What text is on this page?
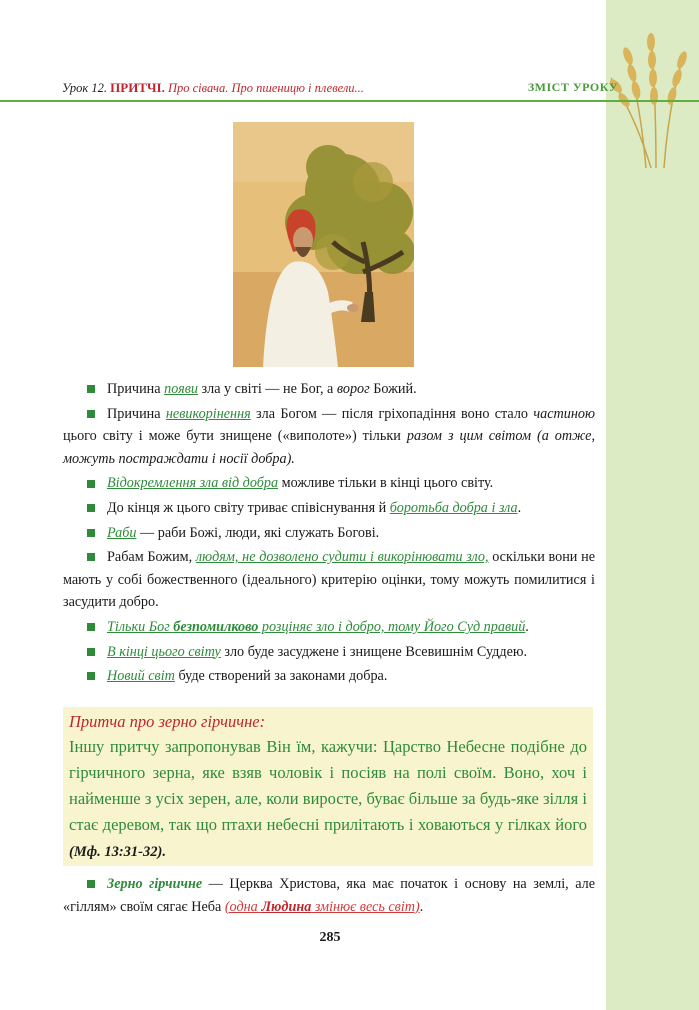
Урок 12. ПРИТЧІ. Про сівача. Про пшеницю і плевели...	ЗМІСТ УРОКУ

Причина появи зла у світі — не Бог, а ворог Божий.

Причина невикорінення зла Богом — після гріхопадіння воно стало частиною цього світу і може бути знищене («виполоте») тільки разом з цим світом (а отже, можуть постраждати і носії добра).

Відокремлення зла від добра можливе тільки в кінці цього світу.

До кінця ж цього світу триває співіснування й боротьба добра і зла.

Раби — раби Божі, люди, які служать Богові.

Рабам Божим, людям, не дозволено судити і викорінювати зло, оскільки вони не мають у собі божественного (ідеального) критерію оцінки, тому можуть помилитися і засудити добро.

Тільки Бог безпомилково розціняє зло і добро, тому Його Суд правий.

В кінці цього світу зло буде засуджене і знищене Всевишнім Суддею.

Новий світ буде створений за законами добра.

Притча про зерно гірчичне:
Іншу притчу запропонував Він їм, кажучи: Царство Небесне подібне до гірчичного зерна, яке взяв чоловік і посіяв на полі своїм. Воно, хоч і найменше з усіх зерен, але, коли виросте, буває більше за будь-яке зілля і стає деревом, так що птахи небесні прилітають і ховаються у гілках його (Мф. 13:31-32).
Зерно гірчичне — Церква Христова, яка має початок і основу на землі, але «гіллям» своїм сягає Неба (одна Людина змінює весь світ).
285
